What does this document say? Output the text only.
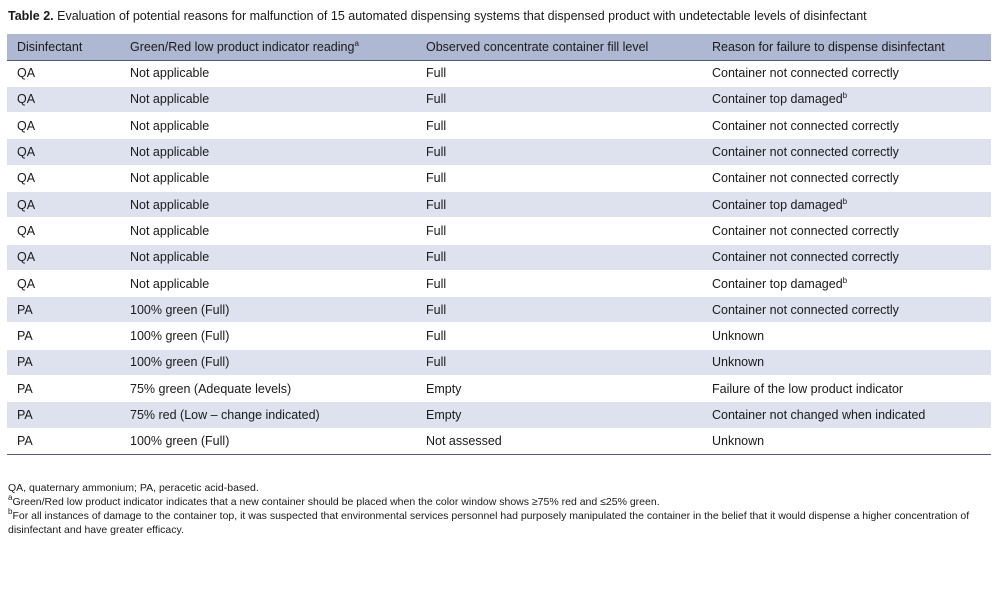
Table 2. Evaluation of potential reasons for malfunction of 15 automated dispensing systems that dispensed product with undetectable levels of disinfectant
Disinfectant	Green/Red low product indicator reading$^a$	Observed concentrate container fill level	Reason for failure to dispense disinfectant
QA	Not applicable	Full	Container not connected correctly
QA	Not applicable	Full	Container top damaged$^b$
QA	Not applicable	Full	Container not connected correctly
QA	Not applicable	Full	Container not connected correctly
QA	Not applicable	Full	Container not connected correctly
QA	Not applicable	Full	Container top damaged$^b$
QA	Not applicable	Full	Container not connected correctly
QA	Not applicable	Full	Container not connected correctly
QA	Not applicable	Full	Container top damaged$^b$
PA	100% green (Full)	Full	Container not connected correctly
PA	100% green (Full)	Full	Unknown
PA	100% green (Full)	Full	Unknown
PA	75% green (Adequate levels)	Empty	Failure of the low product indicator
PA	75% red (Low – change indicated)	Empty	Container not changed when indicated
PA	100% green (Full)	Not assessed	Unknown

QA, quaternary ammonium; PA, peracetic acid-based.

$^a$Green/Red low product indicator indicates that a new container should be placed when the color window shows ≥75% red and ≤25% green.

$^b$For all instances of damage to the container top, it was suspected that environmental services personnel had purposely manipulated the container in the belief that it would dispense a higher concentration of disinfectant and have greater efficacy.
